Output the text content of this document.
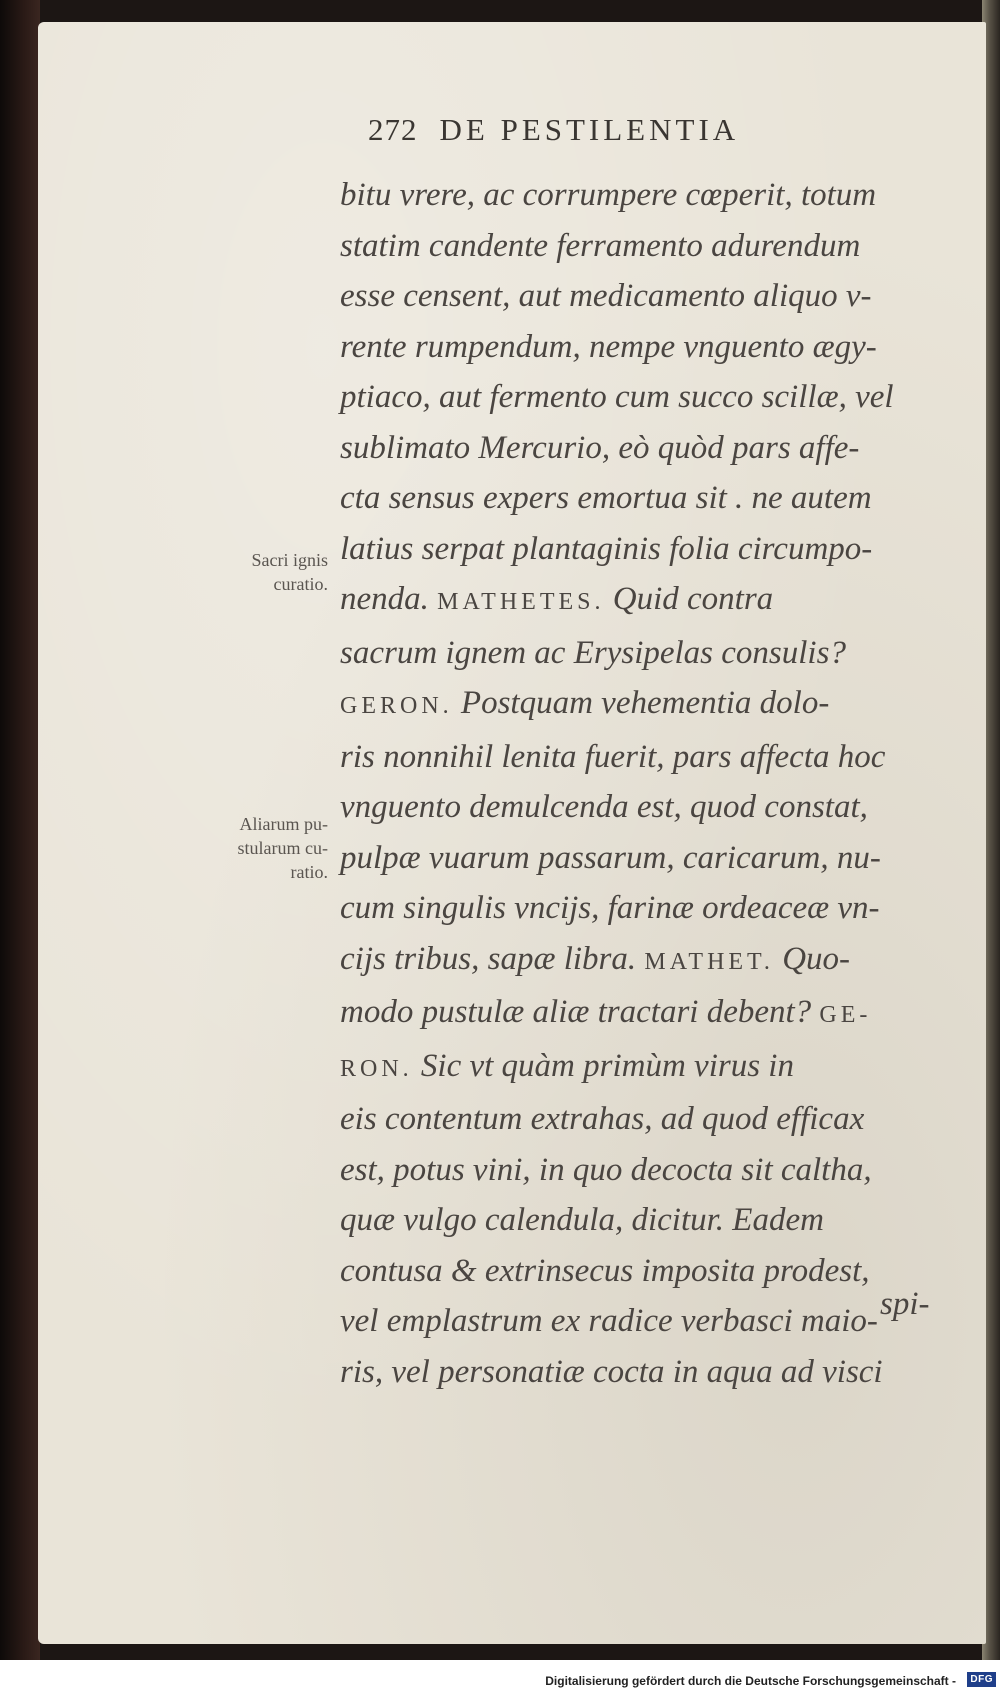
272 DE PESTILENTIA
Sacri ignis
curatio.
Aliarum pu-
stularum cu-
ratio.
bitu vrere, ac corrumpere cœperit, totum
statim candente ferramento adurendum
esse censent, aut medicamento aliquo v-
rente rumpendum, nempe vnguento ægy-
ptiaco, aut fermento cum succo scillæ, vel
sublimato Mercurio, eò quòd pars affe-
cta sensus expers emortua sit . ne autem
latius serpat plantaginis folia circumpo-
nenda. MATHETES. Quid contra
sacrum ignem ac Erysipelas consulis?
GERON. Postquam vehementia dolo-
ris nonnihil lenita fuerit, pars affecta hoc
vnguento demulcenda est, quod constat,
pulpæ vuarum passarum, caricarum, nu-
cum singulis vncijs, farinæ ordeaceæ vn-
cijs tribus, sapæ libra. MATHET. Quo-
modo pustulæ aliæ tractari debent? GE-
RON. Sic vt quàm primùm virus in
eis contentum extrahas, ad quod efficax
est, potus vini, in quo decocta sit caltha,
quæ vulgo calendula, dicitur. Eadem
contusa & extrinsecus imposita prodest,
vel emplastrum ex radice verbasci maio-
ris, vel personatiæ cocta in aqua ad visci
spi-
Digitalisierung gefördert durch die Deutsche Forschungsgemeinschaft -	DFG
